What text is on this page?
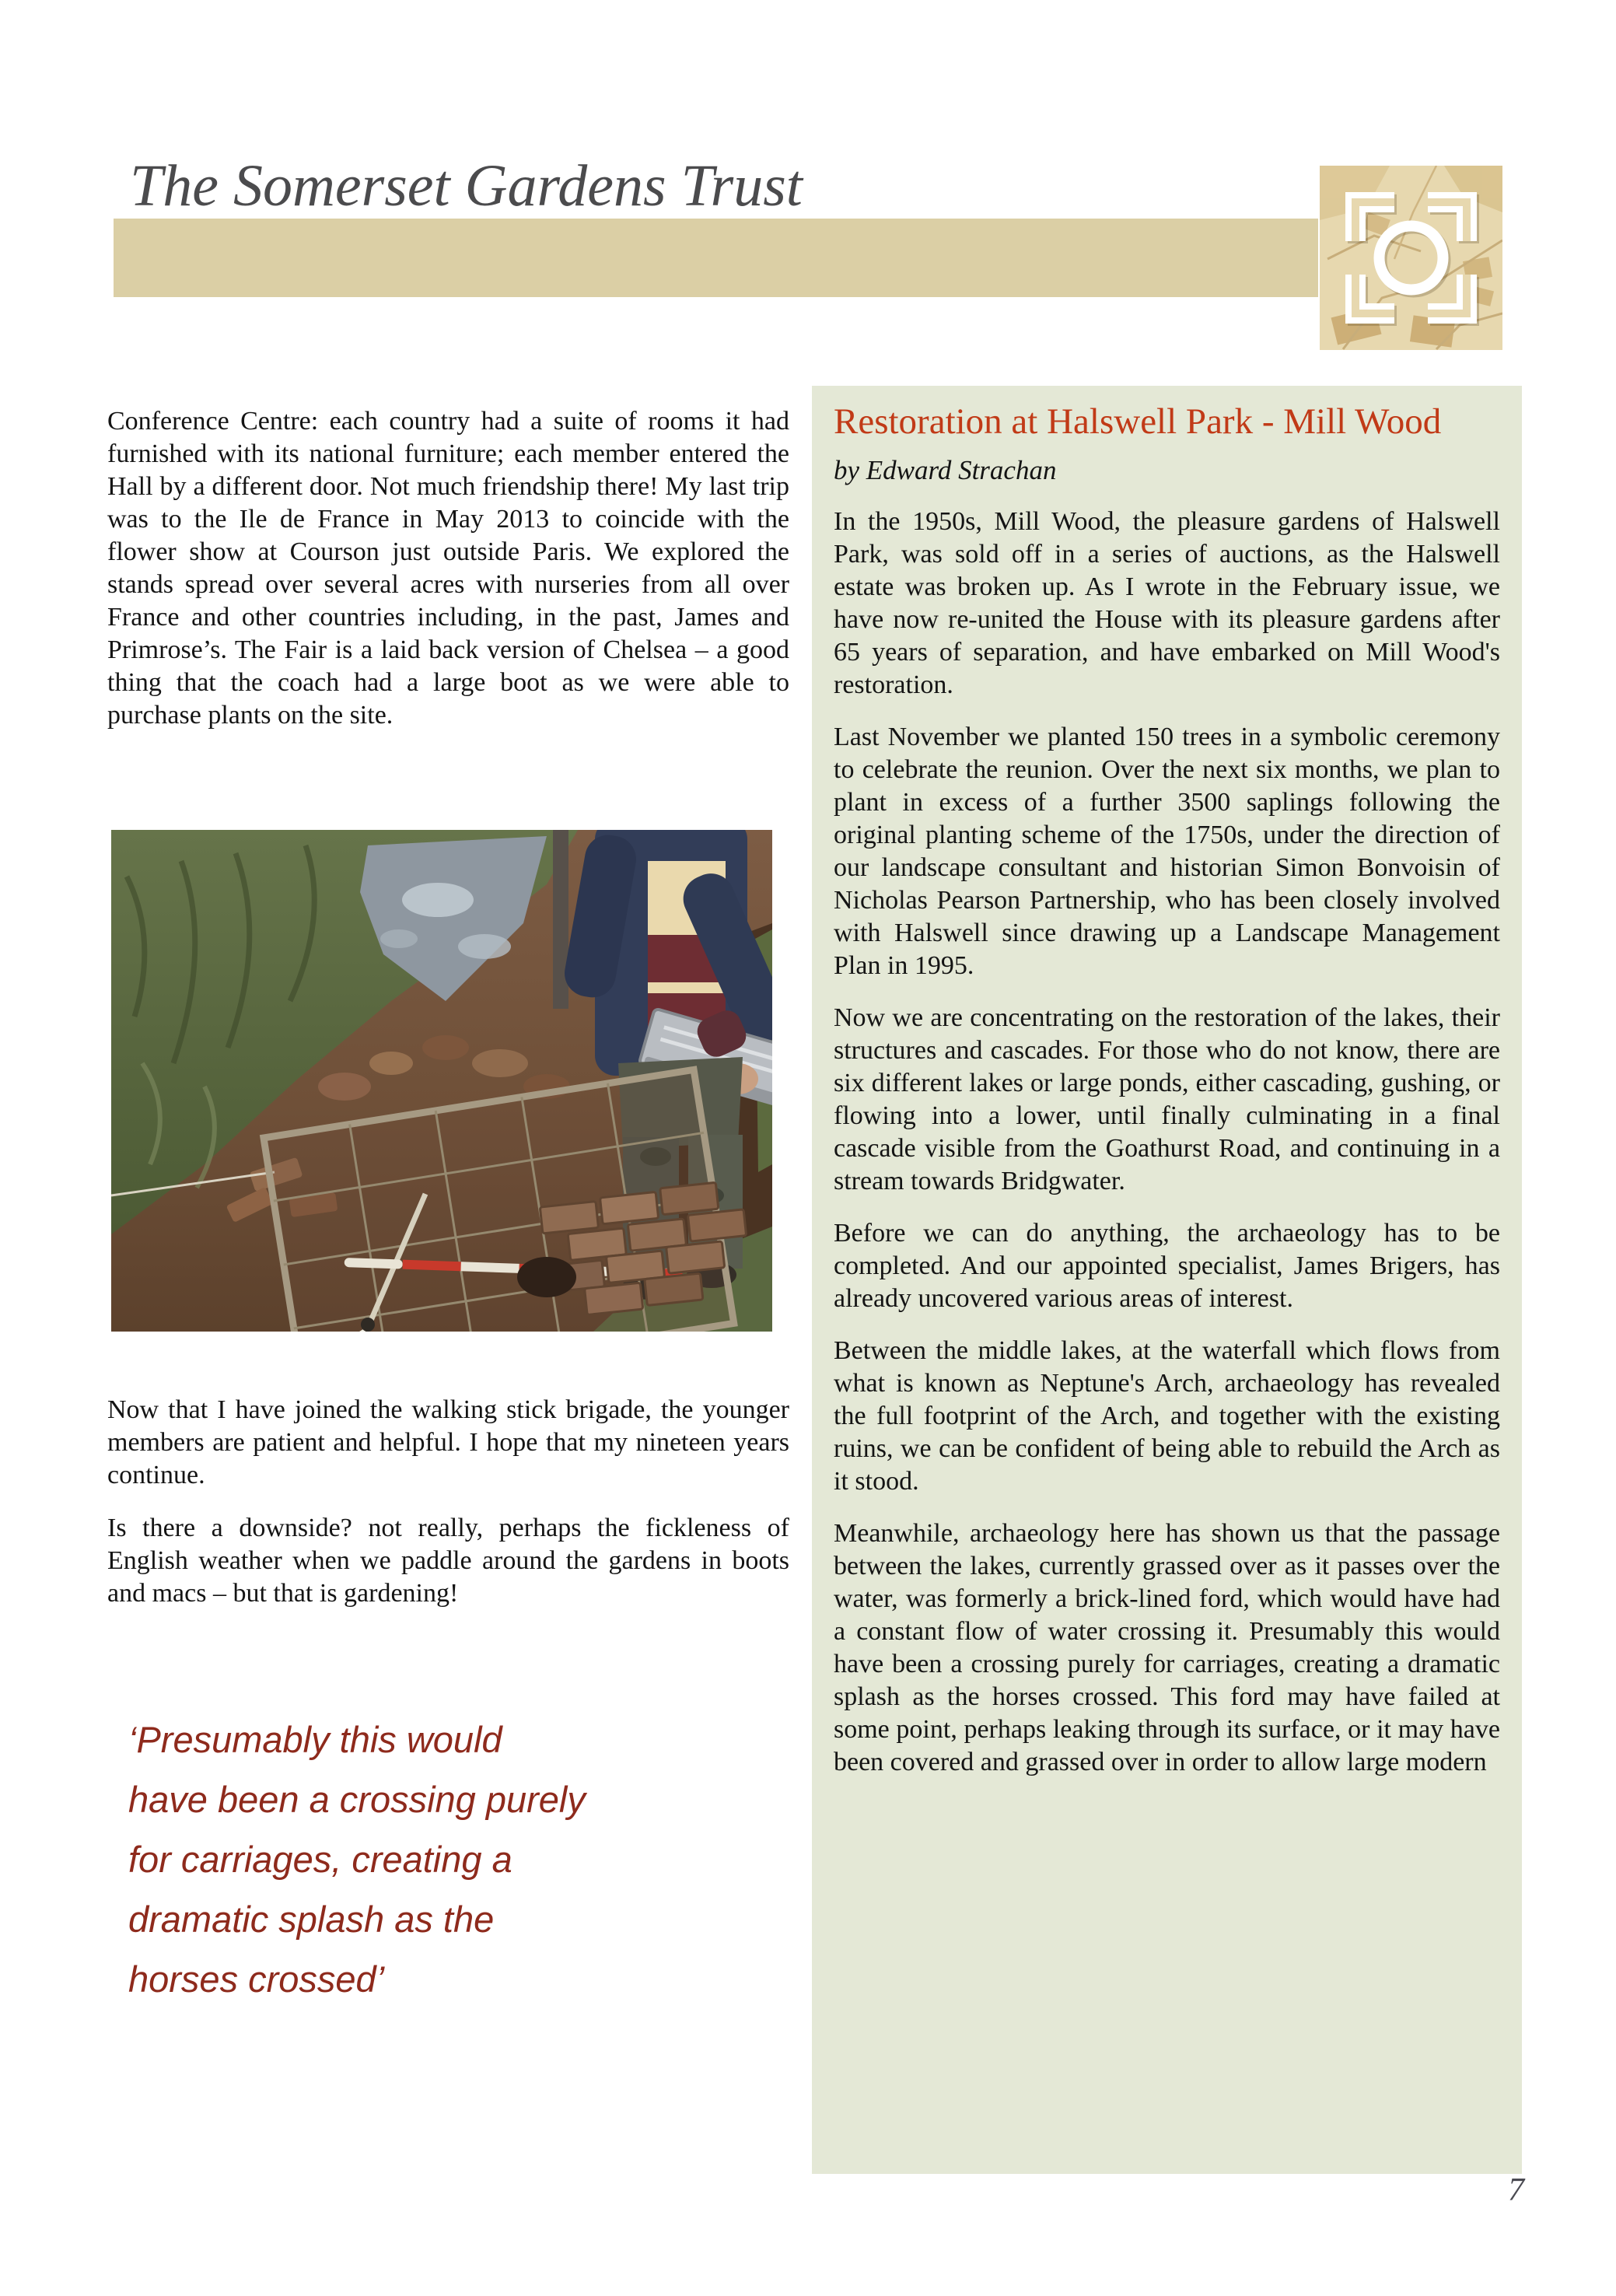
The Somerset Gardens Trust

Conference Centre: each country had a suite of rooms it had furnished with its national furniture; each member entered the Hall by a different door. Not much friendship there! My last trip was to the Ile de France in May 2013 to coincide with the flower show at Courson just outside Paris. We explored the stands spread over several acres with nurseries from all over France and other countries including, in the past, James and Primrose’s. The Fair is a laid back version of Chelsea – a good thing that the coach had a large boot as we were able to purchase plants on the site.

Now that I have joined the walking stick brigade, the younger members are patient and helpful. I hope that my nineteen years continue.

Is there a downside? not really, perhaps the fickleness of English weather when we paddle around the gardens in boots and macs – but that is gardening!

‘Presumably this would
have been a crossing purely
for carriages, creating a
dramatic splash as the
horses crossed’
Restoration at Halswell Park - Mill Wood
by Edward Strachan

In the 1950s, Mill Wood, the pleasure gardens of Halswell Park, was sold off in a series of auctions, as the Halswell estate was broken up. As I wrote in the February issue, we have now re-united the House with its pleasure gardens after 65 years of separation, and have embarked on Mill Wood's restoration.

Last November we planted 150 trees in a symbolic ceremony to celebrate the reunion. Over the next six months, we plan to plant in excess of a further 3500 saplings following the original planting scheme of the 1750s, under the direction of our landscape consultant and historian Simon Bonvoisin of Nicholas Pearson Partnership, who has been closely involved with Halswell since drawing up a Landscape Management Plan in 1995.

Now we are concentrating on the restoration of the lakes, their structures and cascades. For those who do not know, there are six different lakes or large ponds, either cascading, gushing, or flowing into a lower, until finally culminating in a final cascade visible from the Goathurst Road, and continuing in a stream towards Bridgwater.

Before we can do anything, the archaeology has to be completed. And our appointed specialist, James Brigers, has already uncovered various areas of interest.

Between the middle lakes, at the waterfall which flows from what is known as Neptune's Arch, archaeology has revealed the full footprint of the Arch, and together with the existing ruins, we can be confident of being able to rebuild the Arch as it stood.

Meanwhile, archaeology here has shown us that the passage between the lakes, currently grassed over as it passes over the water, was formerly a brick-lined ford, which would have had a constant flow of water crossing it. Presumably this would have been a crossing purely for carriages, creating a dramatic splash as the horses crossed. This ford may have failed at some point, perhaps leaking through its surface, or it may have been covered and grassed over in order to allow large modern

7
